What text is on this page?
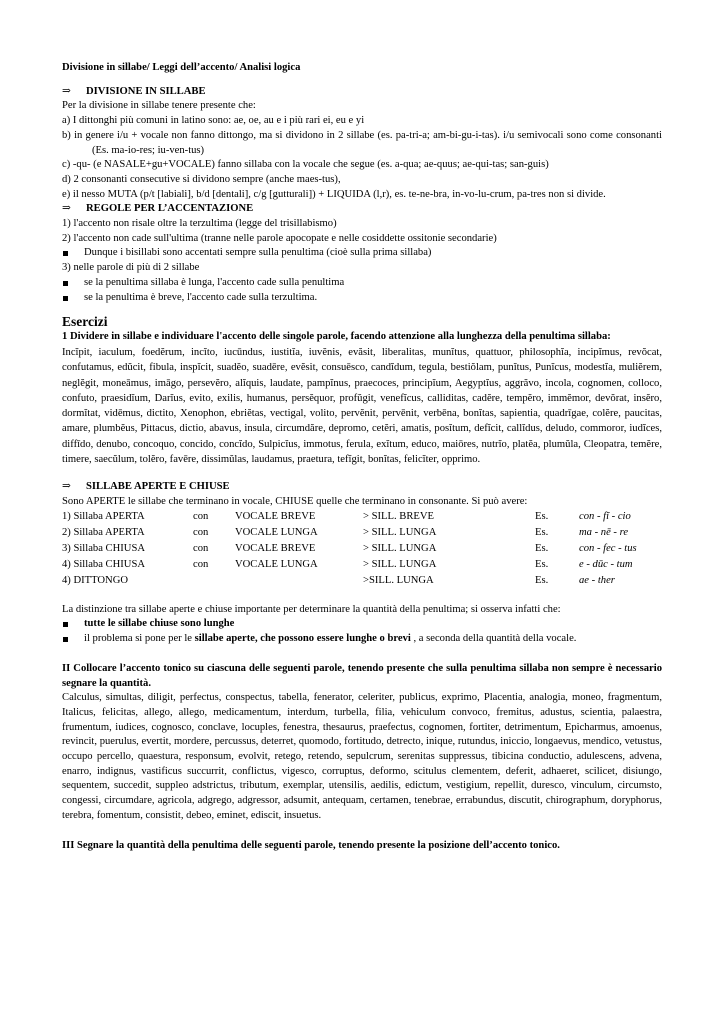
Divisione in sillabe/ Leggi dell’accento/ Analisi logica
⇒ DIVISIONE IN SILLABE
Per la divisione in sillabe tenere presente che:
a) I dittonghi più comuni in latino sono: ae, oe, au e i più rari ei, eu e yi
b) in genere i/u + vocale non fanno dittongo, ma si dividono in 2 sillabe (es. pa-tri-a; am-bi-gu-i-tas). i/u semivocali sono come consonanti (Es. ma-io-res; iu-ven-tus)
c) -qu- (e NASALE+gu+VOCALE) fanno sillaba con la vocale che segue (es. a-qua; ae-quus; ae-qui-tas; san-guis)
d) 2 consonanti consecutive si dividono sempre (anche maes-tus),
e) il nesso MUTA (p/t [labiali], b/d [dentali], c/g [gutturali]) + LIQUIDA (l,r), es. te-ne-bra, in-vo-lu-crum, pa-tres non si divide.
⇒ REGOLE PER L’ACCENTAZIONE
1) l'accento non risale oltre la terzultima (legge del trisillabismo)
2) l'accento non cade sull'ultima (tranne nelle parole apocopate e nelle cosiddette ossitonie secondarie)
Dunque i bisillabi sono accentati sempre sulla penultima (cioè sulla prima sillaba)
3) nelle parole di più di 2 sillabe
se la penultima sillaba è lunga, l'accento cade sulla penultima
se la penultima è breve, l'accento cade sulla terzultima.
Esercizi
1 Dividere in sillabe e individuare l'accento delle singole parole, facendo attenzione alla lunghezza della penultima sillaba:
Incĭpit, iaculum, foedĕrum, incĭto, iucūndus, iustitĭa, iuvĕnis, evăsit, liberalitas, munĭtus, quattuor, philosophĭa, incipĭmus, revŏcat, confutamus, edŭcit, fibula, inspĭcit, suadĕo, suadēre, evĕsit, consuēsco, candĭdum, tegula, bestiŏlam, punĭtus, Punĭcus, modestĭa, muliĕrem, neglĕgit, moneāmus, imāgo, persevĕro, alĭquis, laudate, pampĭnus, praecoces, principĭum, Aegyptĭus, aggrăvo, incola, cognomen, colloco, confuto, praesidĭum, Darĭus, evito, exilis, humanus, persĕquor, profŭgit, venefĭcus, calliditas, cadĕre, tempĕro, immĕmor, devŏrat, insĕro, dormĭtat, vidēmus, dictito, Xenophon, ebriĕtas, vectigal, volito, pervĕnit, pervēnit, verbēna, bonĭtas, sapientia, quadrīgae, colĕre, paucitas, amare, plumbĕus, Pittacus, dictio, abavus, insula, circumdăre, depromo, cetĕri, amatis, posĭtum, defĭcit, callĭdus, deludo, commoror, iudĭces, diffīdo, denubo, concoquo, concido, concĭdo, Sulpicĭus, immotus, ferula, exĭtum, educo, maiōres, nutrĭo, platĕa, plumŭla, Cleopatra, temĕre, timere, saecŭlum, tolĕro, favēre, dissimŭlas, laudamus, praetura, tefĭgit, bonĭtas, felicĭter, opprimo.
⇒ SILLABE APERTE E CHIUSE
Sono APERTE le sillabe che terminano in vocale, CHIUSE quelle che terminano in consonante. Si può avere:
1) Sillaba APERTA	con	VOCALE BREVE	> SILL. BREVE	Es.	con - fĭ - cio
2) Sillaba APERTA	con	VOCALE LUNGA	> SILL. LUNGA	Es.	ma - nē - re
3) Sillaba CHIUSA	con	VOCALE BREVE	> SILL. LUNGA	Es.	con - fec - tus
4) Sillaba CHIUSA	con	VOCALE LUNGA	> SILL. LUNGA	Es.	e - dūc - tum
4) DITTONGO			>SILL. LUNGA	Es.	ae - ther
La distinzione tra sillabe aperte e chiuse importante per determinare la quantità della penultima; si osserva infatti che:
tutte le sillabe chiuse sono lunghe
il problema si pone per le sillabe aperte, che possono essere lunghe o brevi , a seconda della quantità della vocale.
II Collocare l’accento tonico su ciascuna delle seguenti parole, tenendo presente che sulla penultima sillaba non sempre è necessario segnare la quantità.
Calculus, simultas, diligit, perfectus, conspectus, tabella, fenerator, celeriter, publicus, exprimo, Placentia, analogia, moneo, fragmentum, Italicus, felicitas, allego, allego, medicamentum, interdum, turbella, filia, vehiculum convoco, fremitus, adustus, scientia, palaestra, frumentum, iudices, cognosco, conclave, locuples, fenestra, thesaurus, praefectus, cognomen, fortiter, detrimentum, Epicharmus, amoenus, revincit, puerulus, evertit, mordere, percussus, deterret, quomodo, fortitudo, detrecto, inique, rutundus, iniccio, longaevus, mendico, vetustus, occupo percello, quaestura, responsum, evolvit, retego, retendo, sepulcrum, serenitas suppressus, tibicina conductio, adulescens, advena, enarro, indignus, vastificus succurrit, conflictus, vigesco, corruptus, deformo, scitulus clementem, deferit, adhaeret, scilicet, disiungo, sequentem, succedit, suppleo adstrictus, tributum, exemplar, utensilis, aedilis, edictum, vestigium, repellit, duresco, vinculum, circumsto, congessi, circumdare, agricola, adgrego, adgressor, adsumit, antequam, certamen, tenebrae, errabundus, discutit, chirographum, doryphorus, terebra, fomentum, consistit, debeo, eminet, ediscit, insuetus.
III Segnare la quantità della penultima delle seguenti parole, tenendo presente la posizione dell’accento tonico.
